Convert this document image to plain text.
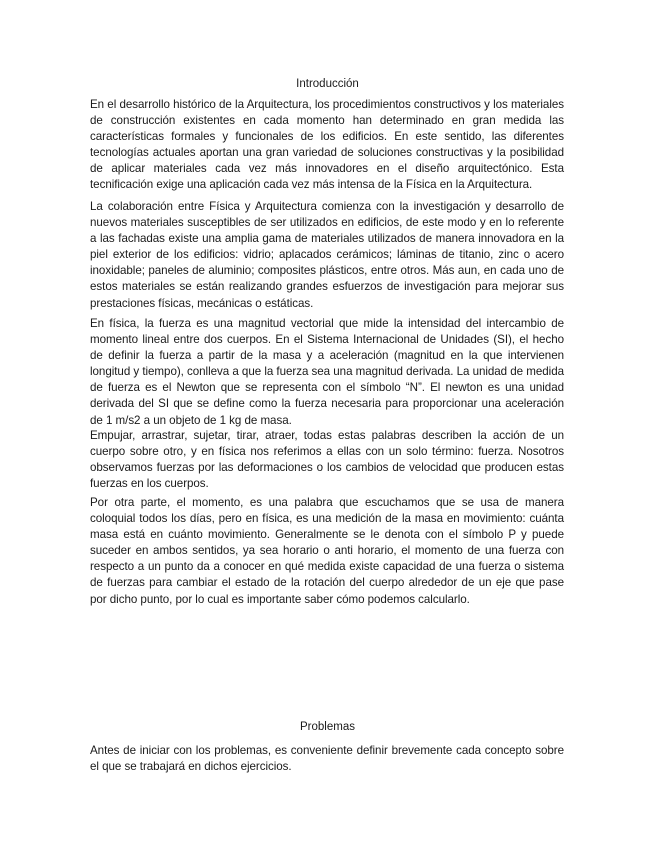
Introducción

En el desarrollo histórico de la Arquitectura, los procedimientos constructivos y los materiales de construcción existentes en cada momento han determinado en gran medida las características formales y funcionales de los edificios. En este sentido, las diferentes tecnologías actuales aportan una gran variedad de soluciones constructivas y la posibilidad de aplicar materiales cada vez más innovadores en el diseño arquitectónico. Esta tecnificación exige una aplicación cada vez más intensa de la Física en la Arquitectura.

La colaboración entre Física y Arquitectura comienza con la investigación y desarrollo de nuevos materiales susceptibles de ser utilizados en edificios, de este modo y en lo referente a las fachadas existe una amplia gama de materiales utilizados de manera innovadora en la piel exterior de los edificios: vidrio; aplacados cerámicos; láminas de titanio, zinc o acero inoxidable; paneles de aluminio; composites plásticos, entre otros. Más aun, en cada uno de estos materiales se están realizando grandes esfuerzos de investigación para mejorar sus prestaciones físicas, mecánicas o estáticas.

En física, la fuerza es una magnitud vectorial que mide la intensidad del intercambio de momento lineal entre dos cuerpos. En el Sistema Internacional de Unidades (SI), el hecho de definir la fuerza a partir de la masa y a aceleración (magnitud en la que intervienen longitud y tiempo), conlleva a que la fuerza sea una magnitud derivada. La unidad de medida de fuerza es el Newton que se representa con el símbolo “N”. El newton es una unidad derivada del SI que se define como la fuerza necesaria para proporcionar una aceleración de 1 m/s2 a un objeto de 1 kg de masa.

Empujar, arrastrar, sujetar, tirar, atraer, todas estas palabras describen la acción de un cuerpo sobre otro, y en física nos referimos a ellas con un solo término: fuerza. Nosotros observamos fuerzas por las deformaciones o los cambios de velocidad que producen estas fuerzas en los cuerpos.

Por otra parte, el momento, es una palabra que escuchamos que se usa de manera coloquial todos los días, pero en física, es una medición de la masa en movimiento: cuánta masa está en cuánto movimiento. Generalmente se le denota con el símbolo P y puede suceder en ambos sentidos, ya sea horario o anti horario, el momento de una fuerza con respecto a un punto da a conocer en qué medida existe capacidad de una fuerza o sistema de fuerzas para cambiar el estado de la rotación del cuerpo alrededor de un eje que pase por dicho punto, por lo cual es importante saber cómo podemos calcularlo.

Problemas

Antes de iniciar con los problemas, es conveniente definir brevemente cada concepto sobre el que se trabajará en dichos ejercicios.
